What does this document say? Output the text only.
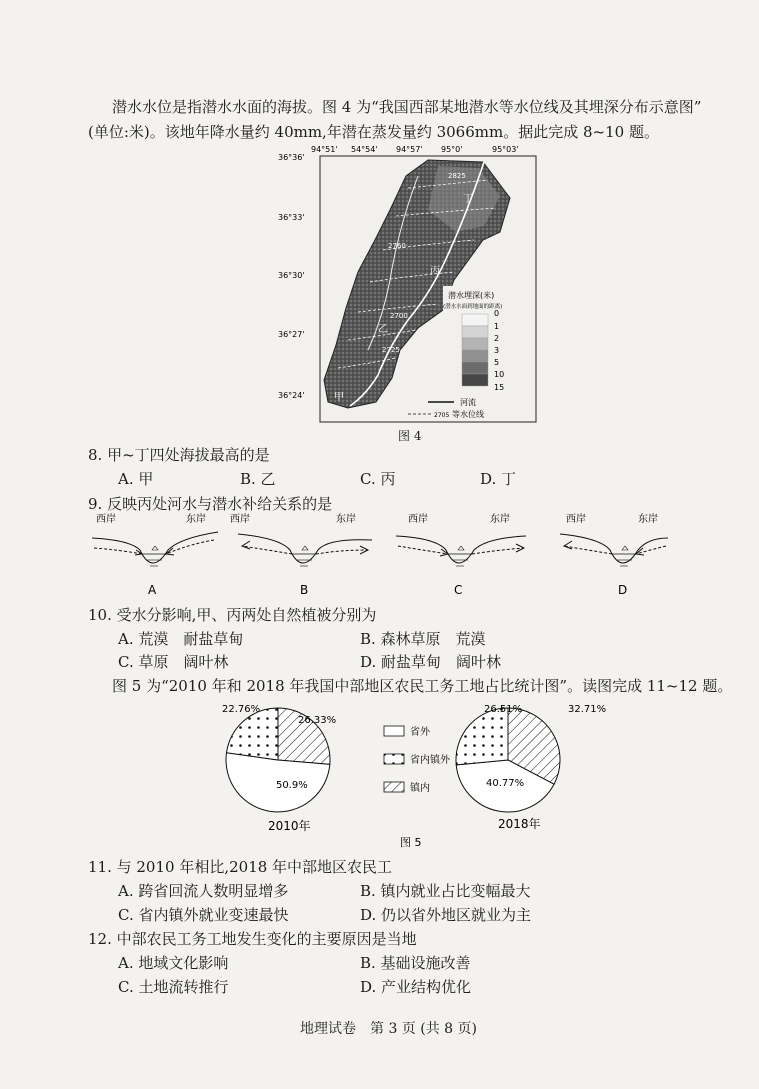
潜水水位是指潜水水面的海拔。图 4 为“我国西部某地潜水等水位线及其埋深分布示意图”
(单位:米)。该地年降水量约 40mm,年潜在蒸发量约 3066mm。据此完成 8~10 题。
94°51' 54°54' 94°57' 95°0'	95°03'
36°36'
36°33'
36°30'
36°27'
36°24'
2825
2760
2700
2725
丁
丙
乙
甲
潜水埋深(米)
(潜水水面到地面的距离)
0
1
2
3
5
10
15
河流
2705 等水位线
图 4
8. 甲~丁四处海拔最高的是
A. 甲	B. 乙	C. 丙	D. 丁
9. 反映丙处河水与潜水补给关系的是
西岸	东岸 西岸	东岸	西岸	东岸	西岸	东岸
A	B	C	D
10. 受水分影响,甲、丙两处自然植被分别为
A. 荒漠　耐盐草甸	B. 森林草原　荒漠
C. 草原　阔叶林	D. 耐盐草甸　阔叶林
图 5 为“2010 年和 2018 年我国中部地区农民工务工地占比统计图”。读图完成 11~12 题。
22.76%
26.33%
50.9%
2010年
26.51%	32.71%
40.77%
2018年
省外
省内镇外
镇内
图 5
11. 与 2010 年相比,2018 年中部地区农民工
A. 跨省回流人数明显增多	B. 镇内就业占比变幅最大
C. 省内镇外就业变速最快	D. 仍以省外地区就业为主
12. 中部农民工务工地发生变化的主要原因是当地
A. 地域文化影响	B. 基础设施改善
C. 土地流转推行	D. 产业结构优化
地理试卷　第 3 页 (共 8 页)
